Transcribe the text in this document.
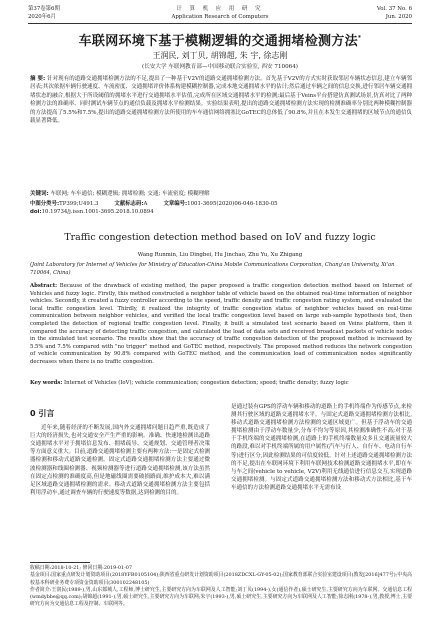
第37卷第6期
2020年6月
计 算 机 应 用 研 究
Application Research of Computers
Vol. 37 No. 6
Jun. 2020
车联网环境下基于模糊逻辑的交通拥堵检测方法*
王润民, 刘丁贝, 胡锦超, 朱 宇, 徐志刚
(长安大学 车联网教育部—中国移动联合实验室, 西安 710064)
摘 要: 针对现有的道路交通拥堵检测方法的不足,提出了一种基于V2V的道路交通拥堵检测方法。首先基于V2V的方式实时获取邻居车辆状态信息,建立车辆邻居表;其次依据车辆行驶速度、车流密度、交通拥堵评价体系构建模糊控制器,完成本地交通拥堵水平的估计;然后通过车辆之间的信息交换,进行邻居车辆交通拥堵状态的融合,根据大于所设阈值的拥堵水平进行交通拥堵水平估值,完成所在区域交通拥堵水平的检测;最后基于Veins平台搭建仿真测试场景,仿真对比了两种检测方法的准确率、同时测试车辆节点的通信负载及拥堵水平检测结果。实验结果表明,提出的道路交通拥堵检测方法实现的检测准确率分别比两种模糊控制器的方法提高了5.5%和7.5%,提出的道路交通拥堵检测方法所使用的车车通信网络拥塞比GoTEC的总体低了90.8%,并且在本发生交通拥堵的区域节点的通信负载显著降低。
关键词: 车联网; 车车通信; 模糊逻辑; 拥堵检测; 交通; 车流密度; 模糊理解
中图分类号:TP399;U491.3	文献标志码:A	文章编号:1001-3695(2020)06-046-1830-05
doi:10.19734/j.issn.1001-3695.2018.10.0894
Traffic congestion detection method based on IoV and fuzzy logic
Wang Runmin, Liu Dingbei, Hu Jinchao, Zhu Yu, Xu Zhigang
(Joint Laboratory for Internet of Vehicles for Ministry of Education-China Mobile Communications Corporation, Chang'an University, Xi'an 710064, China)
Abstract: Because of the drawback of existing method, the paper proposed a traffic congestion detection method based on Internet of Vehicles and fuzzy logic. Firstly, this method constructed a neighbor table of vehicle based on the obtained real-time information of neighbor vehicles. Secondly, it created a fuzzy controller according to the speed, traffic density and traffic congestion rating system, and evaluated the local traffic congestion level. Thirdly, it realized the integrity of traffic congestion status of neighbor vehicles based on real-time communication between neighbor vehicles, and verified the local traffic congestion level based on large sub-sample hypothesis test, then completed the detection of regional traffic congestion level. Finally, it built a simulated test scenario based on Veins platform, then it compared the accuracy of detecting traffic congestion, and calculated the load of data sets and received broadcast packets of vehicle nodes in the simulated test scenario. The results show that the accuracy of traffic congestion detection of the proposed method is increased by 5.5% and 7.5% compared with "no trigger" method and GoTEC method, respectively. The proposed method reduces the network congestion of vehicle communication by 90.8% compared with GoTEC method, and the communication load of communication nodes significantly decreases when there is no traffic congestion.
Key words: Internet of Vehicles (IoV); vehicle communication; congestion detection; speed; traffic density; fuzzy logic
0 引言

近年来,随着经济的不断发展,国内外交通拥堵问题日趋严重,既造成了巨大的经济损失,也对交通安全产生严重的影响。准确、快速地检测出道路交通拥堵水平对于拥堵信息发布、拥堵疏导、交通规划、交通管理者决策等方面意义重大。目前,道路交通拥堵检测主要有两种方法:一是固定式检测器检测和移动式道路交通检测。固定式道路交通拥堵检测方法主要通过微波检测器和线圈检测器、视频检测器等进行道路交通拥堵检测,该方法虽然在固定点检测的准确度高,但是地磁线圈需要破损路面,维护成本大,难以满足区域道路交通拥堵检测的需求。移动式道路交通拥堵检测方法主要包括利用浮动车,通过调查车辆的行驶速度等数据,达到检测的目的。

是通过装有GPS的浮动车辆和移动的道路上的手机终端作为传感节点,来检测其行驶区域的道路交通拥堵水平。与固定式道路交通拥堵检测方法相比,移动式道路交通拥堵检测方法检测的交通区域更广。但基于浮动车的交通拥堵检测由于浮动车数量少,分布不均匀等原因,其检测准确性不高;对于基于手机终端的交通拥堵检测,在道路上的手机终端数量众多且交通流量较大的路段,难以对手机终端所属的用户属性(汽车与行人、自行车、电动自行车等)进行区分,因此检测结果的可信度较低。针对上述道路交通拥堵检测方法的不足,提出在车联网环境下利用车联网技术检测道路交通拥堵水平,即在车与车之间(vehicle to vehicle, V2V)利用无线通信进行信息交互,实现道路交通拥堵检测。与固定式道路交通拥堵检测方法和移动式方法相比,基于车车通信的方法检测道路交通拥堵水平无需布设

收稿日期:2018-10-21; 修回日期:2019-01-07
基金项目:国家重点研发计划资助项目(2018YFB0105104);陕西省重点研发计划资助项目(2018ZDCXL-GY-05-02);国家教育部联合实验室建设项目(教发[2016]477号);中央高校基本科研业务费专项资金资助项目(300102248105)
作者简介:王润民(1989-),男,山东郯城人,工程师,博士研究生,主要研究方向为车联网及人工智能;刘丁贝(1994-),女(通信作者),硕士研究生,主要研究方向为车联网、交通信息工程(wmdybbe@qq.com);胡锦超(1991-),男,硕士研究生,主要研究方向为车联网;朱宇(1993-),男,硕士研究生,主要研究方向为车联网及人工智能;徐志刚(1978-),男,教授,博士,主要研究方向为交通信息工程及控制、车联网等。
